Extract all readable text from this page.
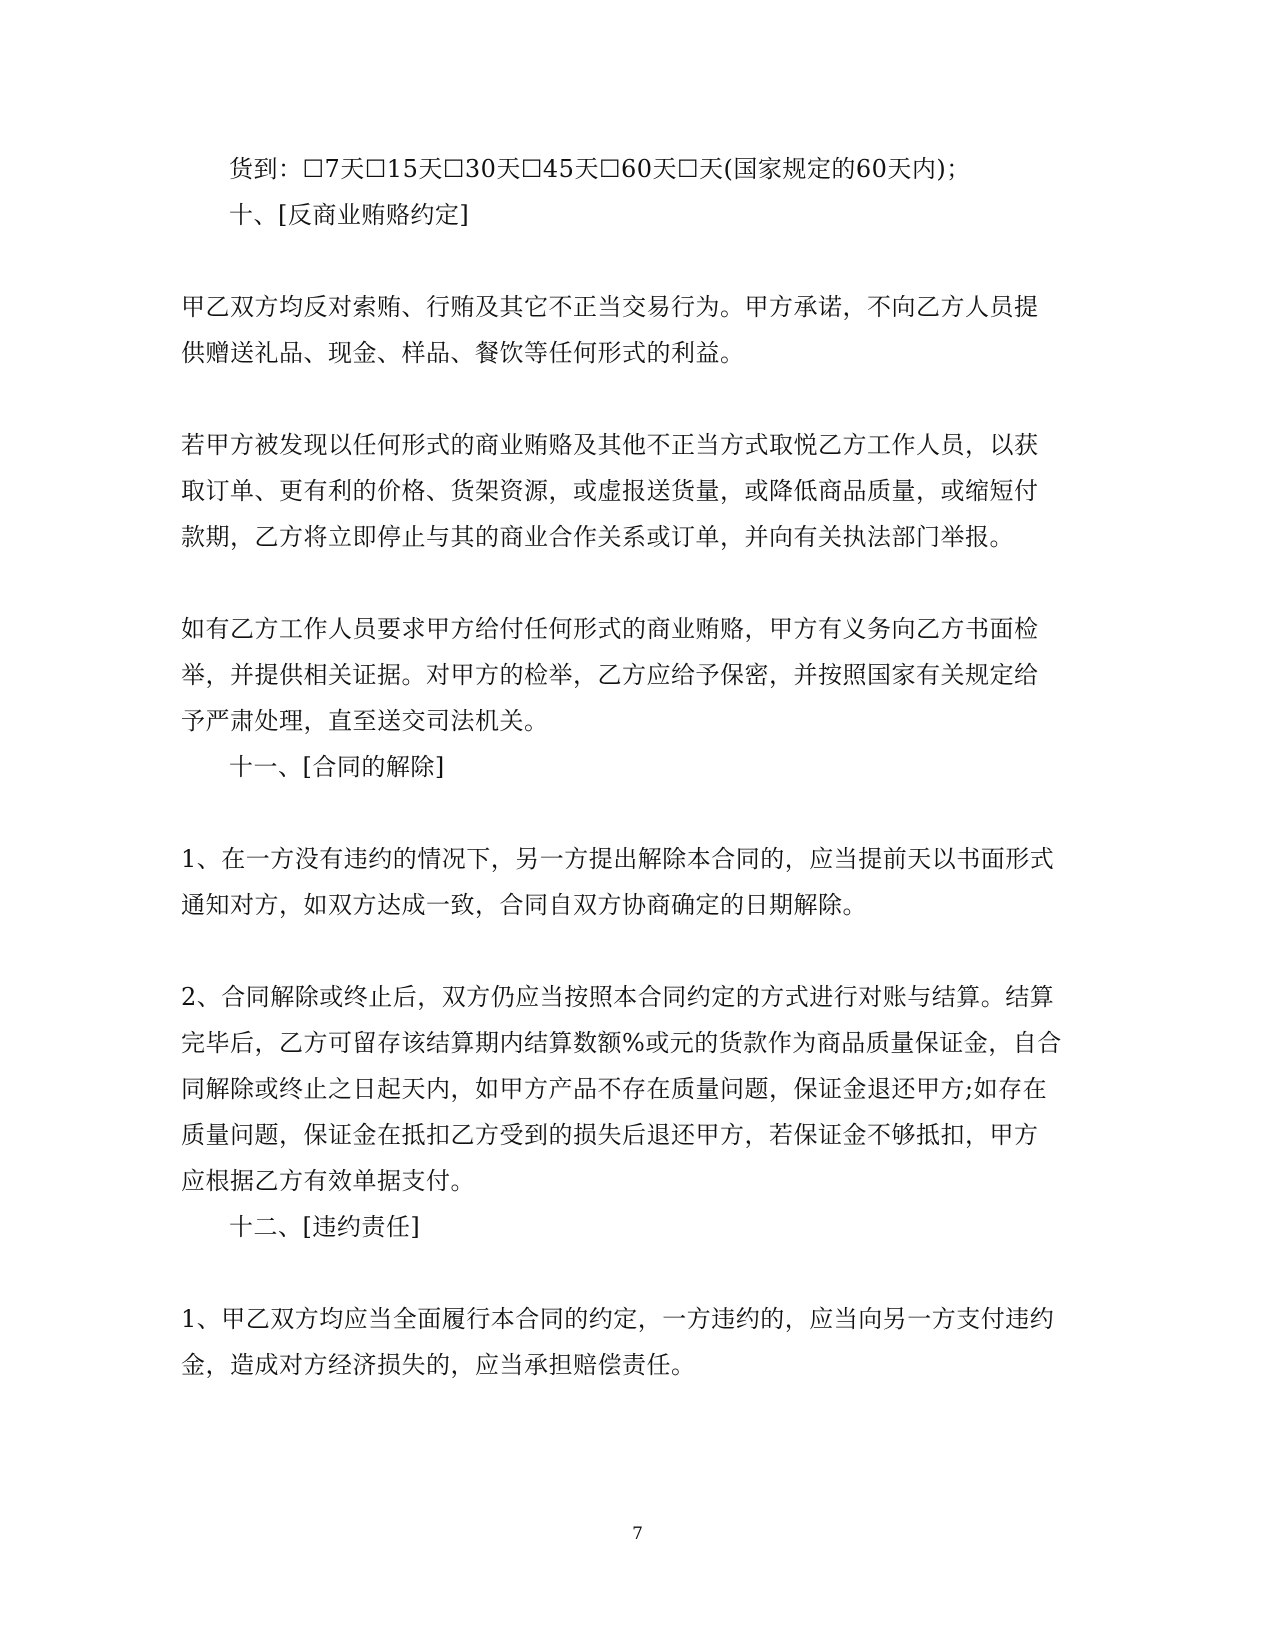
货到：☐7天☐15天☐30天☐45天☐60天☐天(国家规定的60天内)；
十、[反商业贿赂约定]
甲乙双方均反对索贿、行贿及其它不正当交易行为。甲方承诺，不向乙方人员提
供赠送礼品、现金、样品、餐饮等任何形式的利益。
若甲方被发现以任何形式的商业贿赂及其他不正当方式取悦乙方工作人员，以获
取订单、更有利的价格、货架资源，或虚报送货量，或降低商品质量，或缩短付
款期，乙方将立即停止与其的商业合作关系或订单，并向有关执法部门举报。
如有乙方工作人员要求甲方给付任何形式的商业贿赂，甲方有义务向乙方书面检
举，并提供相关证据。对甲方的检举，乙方应给予保密，并按照国家有关规定给
予严肃处理，直至送交司法机关。
十一、[合同的解除]
1、在一方没有违约的情况下，另一方提出解除本合同的，应当提前天以书面形式
通知对方，如双方达成一致，合同自双方协商确定的日期解除。
2、合同解除或终止后，双方仍应当按照本合同约定的方式进行对账与结算。结算
完毕后，乙方可留存该结算期内结算数额%或元的货款作为商品质量保证金，自合
同解除或终止之日起天内，如甲方产品不存在质量问题，保证金退还甲方;如存在
质量问题，保证金在抵扣乙方受到的损失后退还甲方，若保证金不够抵扣，甲方
应根据乙方有效单据支付。
十二、[违约责任]
1、甲乙双方均应当全面履行本合同的约定，一方违约的，应当向另一方支付违约
金，造成对方经济损失的，应当承担赔偿责任。
7
